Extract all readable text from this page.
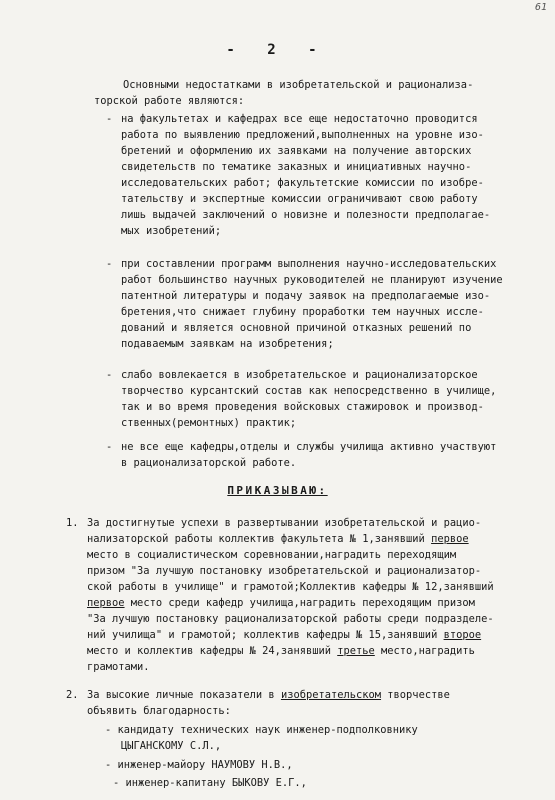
61
- 2 -
Основными недостатками в изобретательской и рационализа-
торской работе являются:
- на факультетах и кафедрах все еще недостаточно проводится
работа по выявлению предложений,выполненных на уровне изо-
бретений и оформлению их заявками на получение авторских
свидетельств по тематике заказных и инициативных научно-
исследовательских работ; факультетские комиссии по изобре-
тательству и экспертные комиссии ограничивают свою работу
лишь выдачей заключений о новизне и полезности предполагае-
мых изобретений;
- при составлении программ выполнения научно-исследовательских
работ большинство научных руководителей не планируют изучение
патентной литературы и подачу заявок на предполагаемые изо-
бретения,что снижает глубину проработки тем научных иссле-
дований и является основной причиной отказных решений по
подаваемым заявкам на изобретения;
- слабо вовлекается в изобретательское и рационализаторское
творчество курсантский состав как непосредственно в училище,
так и во время проведения войсковых стажировок и производ-
ственных(ремонтных) практик;
- не все еще кафедры,отделы и службы училища активно участвуют
в рационализаторской работе.
1. За достигнутые успехи в развертывании изобретательской и рацио-
нализаторской работы коллектив факультета № 1,занявший первое
место в социалистическом соревновании,наградить переходящим
призом "За лучшую постановку изобретательской и рационализатор-
ской работы в училище" и грамотой;Коллектив кафедры № 12,занявший
первое место среди кафедр училища,наградить переходящим призом
"За лучшую постановку рационализаторской работы среди подразделе-
ний училища" и грамотой; коллектив кафедры № 15,занявший второе
место и коллектив кафедры № 24,занявший третье место,наградить
грамотами.
2. За высокие личные показатели в изобретательском творчестве
объявить благодарность:
- кандидату технических наук инженер-подполковнику
ЦЫГАНСКОМУ С.Л.,
- инженер-майору НАУМОВУ Н.В.,
- инженер-капитану БЫКОВУ Е.Г.,
ПРИКАЗЫВАЮ:
